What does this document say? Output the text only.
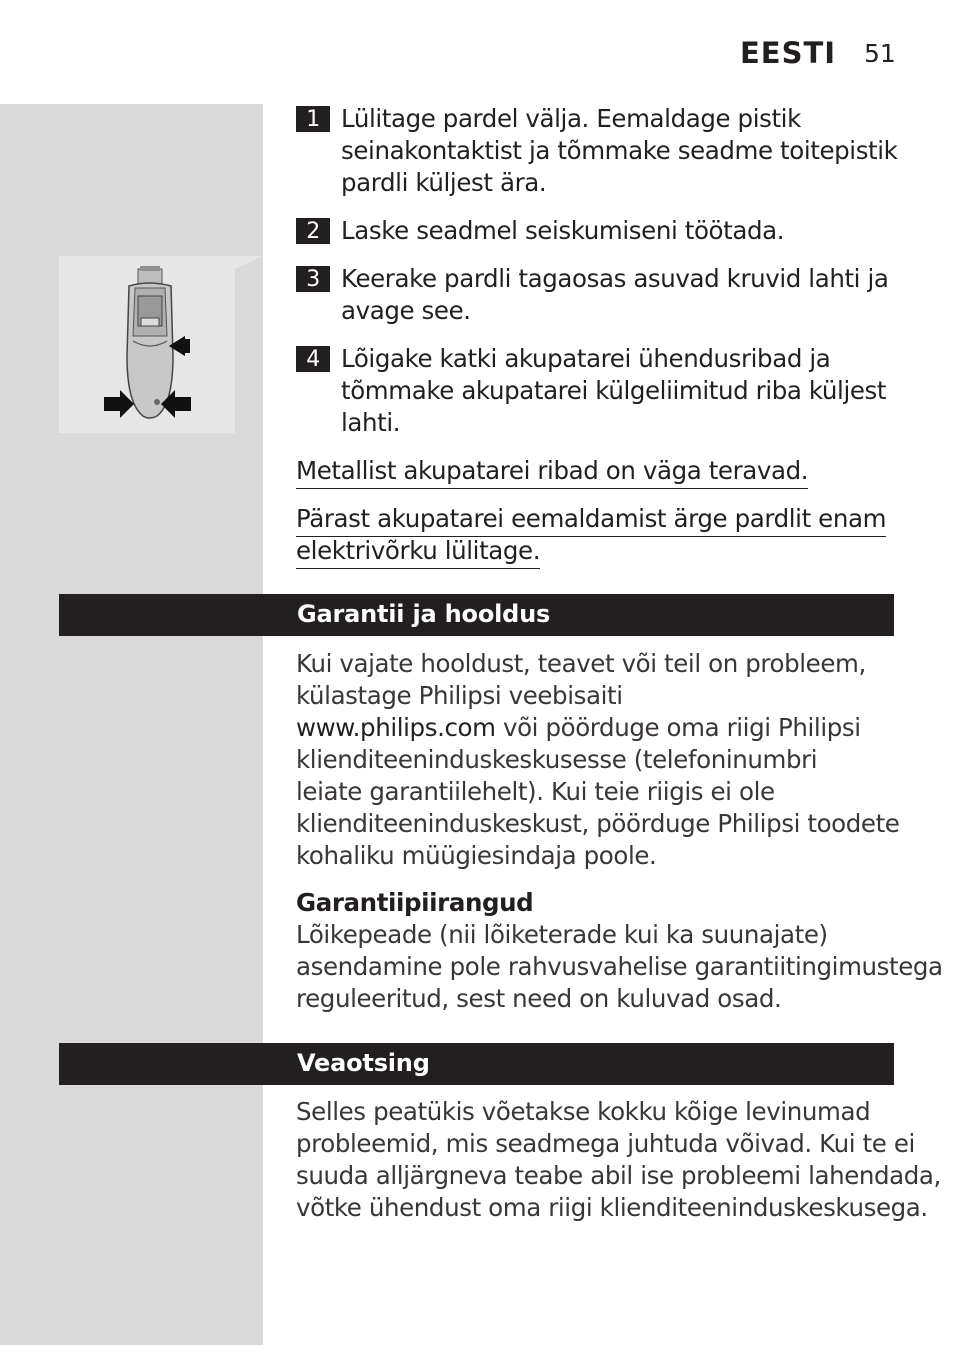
EESTI 51
1 Lülitage pardel välja. Eemaldage pistik
seinakontaktist ja tõmmake seadme toitepistik
pardli küljest ära.
2 Laske seadmel seiskumiseni töötada.
3 Keerake pardli tagaosas asuvad kruvid lahti ja
avage see.
4 Lõigake katki akupatarei ühendusribad ja
tõmmake akupatarei külgeliimitud riba küljest
lahti.
Metallist akupatarei ribad on väga teravad.
Pärast akupatarei eemaldamist ärge pardlit enam
elektrivõrku lülitage.
Garantii ja hooldus
Kui vajate hooldust, teavet või teil on probleem,
külastage Philipsi veebisaiti
www.philips.com või pöörduge oma riigi Philipsi
klienditeeninduskeskusesse (telefoninumbri
leiate garantiilehelt). Kui teie riigis ei ole
klienditeeninduskeskust, pöörduge Philipsi toodete
kohaliku müügiesindaja poole.
Garantiipiirangud
Lõikepeade (nii lõiketerade kui ka suunajate)
asendamine pole rahvusvahelise garantiitingimustega
reguleeritud, sest need on kuluvad osad.
Veaotsing
Selles peatükis võetakse kokku kõige levinumad
probleemid, mis seadmega juhtuda võivad. Kui te ei
suuda alljärgneva teabe abil ise probleemi lahendada,
võtke ühendust oma riigi klienditeeninduskeskusega.
